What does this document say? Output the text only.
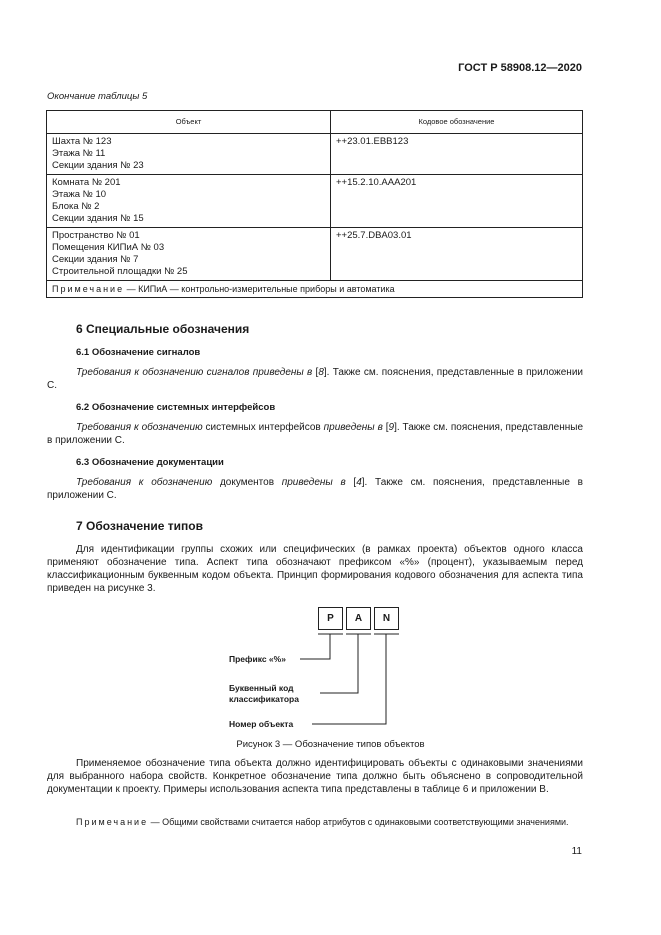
ГОСТ Р 58908.12—2020
Окончание таблицы 5
Объект	Кодовое обозначение

Шахта № 123
Этажа № 11
Секции здания № 23	++23.01.EBB123

Комната № 201
Этажа № 10
Блока № 2
Секции здания № 15	++15.2.10.AAA201

Пространство № 01
Помещения КИПиА № 03
Секции здания № 7
Строительной площадки № 25	++25.7.DBA03.01
Примечание — КИПиА — контрольно-измерительные приборы и автоматика	
6 Специальные обозначения
6.1 Обозначение сигналов
Требования к обозначению сигналов приведены в [8]. Также см. пояснения, представленные в приложении С.
6.2 Обозначение системных интерфейсов
Требования к обозначению системных интерфейсов приведены в [9]. Также см. пояснения, представленные в приложении С.
6.3 Обозначение документации
Требования к обозначению документов приведены в [4]. Также см. пояснения, представленные в приложении С.
7 Обозначение типов
Для идентификации группы схожих или специфических (в рамках проекта) объектов одного класса применяют обозначение типа. Аспект типа обозначают префиксом «%» (процент), указываемым перед классификационным буквенным кодом объекта. Принцип формирования кодового обозначения для аспекта типа приведен на рисунке 3.
P	A	N
Префикс «%»
Буквенный код
классификатора
Номер объекта
Рисунок 3 — Обозначение типов объектов
Применяемое обозначение типа объекта должно идентифицировать объекты с одинаковыми значениями для выбранного набора свойств. Конкретное обозначение типа должно быть объяснено в сопроводительной документации к проекту. Примеры использования аспекта типа представлены в таблице 6 и приложении В.
Примечание — Общими свойствами считается набор атрибутов с одинаковыми соответствующими значениями.
11
